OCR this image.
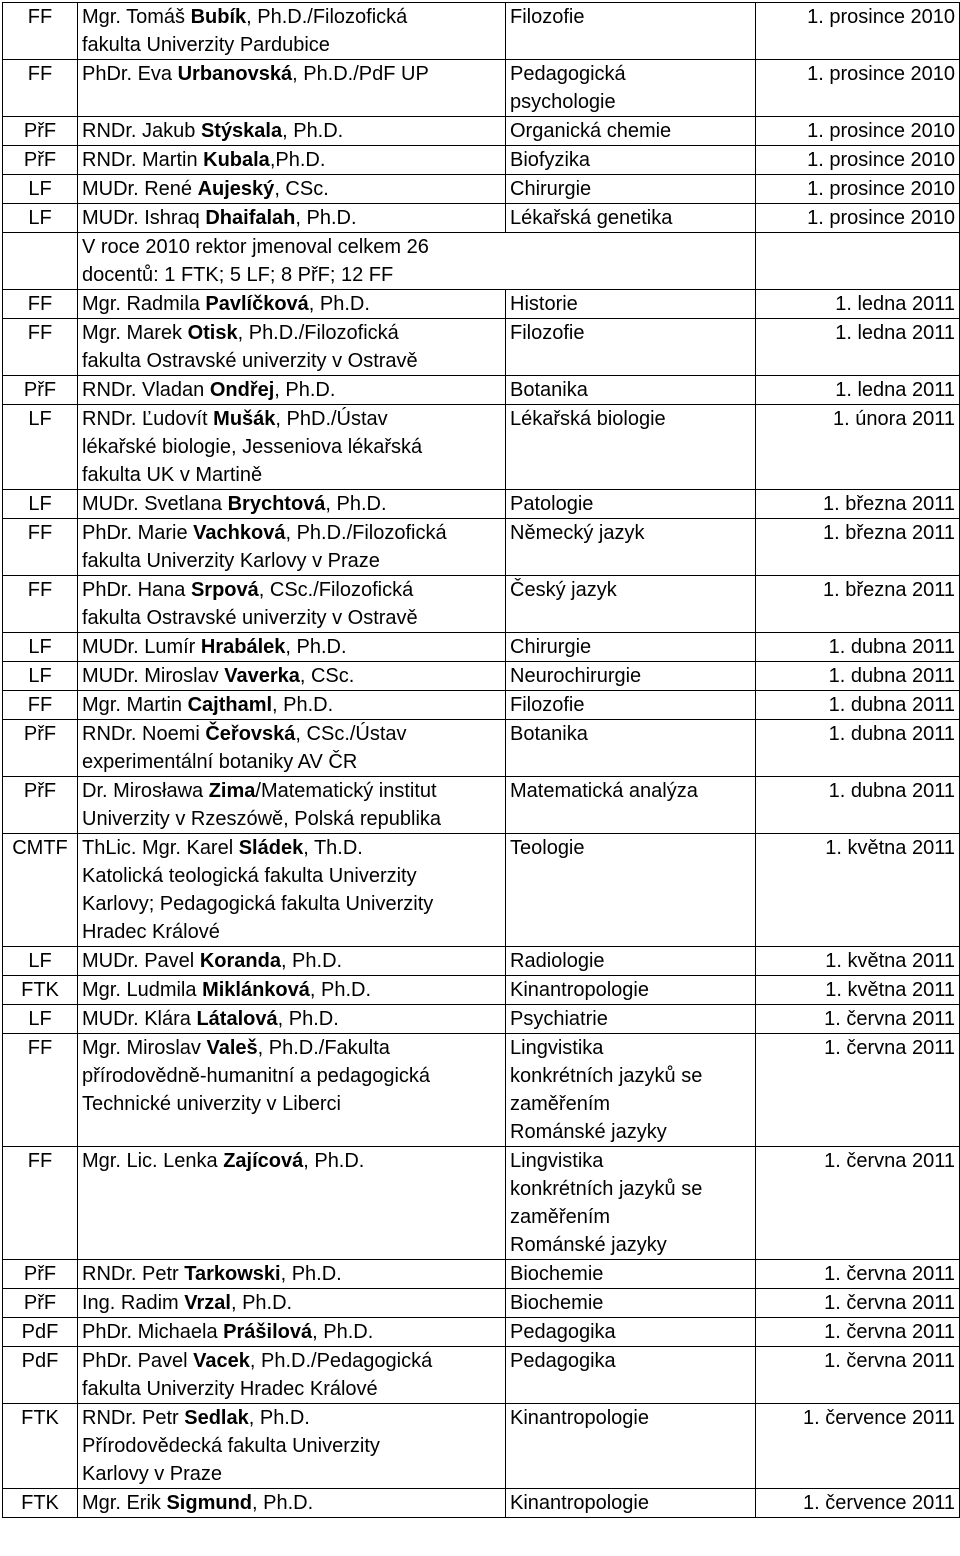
FF	Mgr. Tomáš Bubík, Ph.D./Filozofická
fakulta Univerzity Pardubice	Filozofie	1. prosince 2010
FF	PhDr. Eva Urbanovská, Ph.D./PdF UP	Pedagogická
psychologie	1. prosince 2010
PřF	RNDr. Jakub Stýskala, Ph.D.	Organická chemie	1. prosince 2010
PřF	RNDr. Martin Kubala,Ph.D.	Biofyzika	1. prosince 2010
LF	MUDr. René Aujeský, CSc.	Chirurgie	1. prosince 2010
LF	MUDr. Ishraq Dhaifalah, Ph.D.	Lékařská genetika	1. prosince 2010
	V roce 2010 rektor jmenoval celkem 26
docentů: 1 FTK; 5 LF; 8 PřF; 12 FF		
FF	Mgr. Radmila Pavlíčková, Ph.D.	Historie	1. ledna 2011
FF	Mgr. Marek Otisk, Ph.D./Filozofická
fakulta Ostravské univerzity v Ostravě	Filozofie	1. ledna 2011
PřF	RNDr. Vladan Ondřej, Ph.D.	Botanika	1. ledna 2011
LF	RNDr. Ľudovít Mušák, PhD./Ústav
lékařské biologie, Jesseniova lékařská
fakulta UK v Martině	Lékařská biologie	1. února 2011
LF	MUDr. Svetlana Brychtová, Ph.D.	Patologie	1. března 2011
FF	PhDr. Marie Vachková, Ph.D./Filozofická
fakulta Univerzity Karlovy v Praze	Německý jazyk	1. března 2011
FF	PhDr. Hana Srpová, CSc./Filozofická
fakulta Ostravské univerzity v Ostravě	Český jazyk	1. března 2011
LF	MUDr. Lumír Hrabálek, Ph.D.	Chirurgie	1. dubna 2011
LF	MUDr. Miroslav Vaverka, CSc.	Neurochirurgie	1. dubna 2011
FF	Mgr. Martin Cajthaml, Ph.D.	Filozofie	1. dubna 2011
PřF	RNDr. Noemi Čeřovská, CSc./Ústav
experimentální botaniky AV ČR	Botanika	1. dubna 2011
PřF	Dr. Mirosława Zima/Matematický institut
Univerzity v Rzeszówě, Polská republika	Matematická analýza	1. dubna 2011
CMTF	ThLic. Mgr. Karel Sládek, Th.D.
Katolická teologická fakulta Univerzity
Karlovy; Pedagogická fakulta Univerzity
Hradec Králové	Teologie	1. května 2011
LF	MUDr. Pavel Koranda, Ph.D.	Radiologie	1. května 2011
FTK	Mgr. Ludmila Miklánková, Ph.D.	Kinantropologie	1. května 2011
LF	MUDr. Klára Látalová, Ph.D.	Psychiatrie	1. června 2011
FF	Mgr. Miroslav Valeš, Ph.D./Fakulta
přírodovědně-humanitní a pedagogická
Technické univerzity v Liberci	Lingvistika
konkrétních jazyků se
zaměřením
Románské jazyky	1. června 2011
FF	Mgr. Lic. Lenka Zajícová, Ph.D.	Lingvistika
konkrétních jazyků se
zaměřením
Románské jazyky	1. června 2011
PřF	RNDr. Petr Tarkowski, Ph.D.	Biochemie	1. června 2011
PřF	Ing. Radim Vrzal, Ph.D.	Biochemie	1. června 2011
PdF	PhDr. Michaela Prášilová, Ph.D.	Pedagogika	1. června 2011
PdF	PhDr. Pavel Vacek, Ph.D./Pedagogická
fakulta Univerzity Hradec Králové	Pedagogika	1. června 2011
FTK	RNDr. Petr Sedlak, Ph.D.
Přírodovědecká fakulta Univerzity
Karlovy v Praze	Kinantropologie	1. července 2011
FTK	Mgr. Erik Sigmund, Ph.D.	Kinantropologie	1. července 2011
